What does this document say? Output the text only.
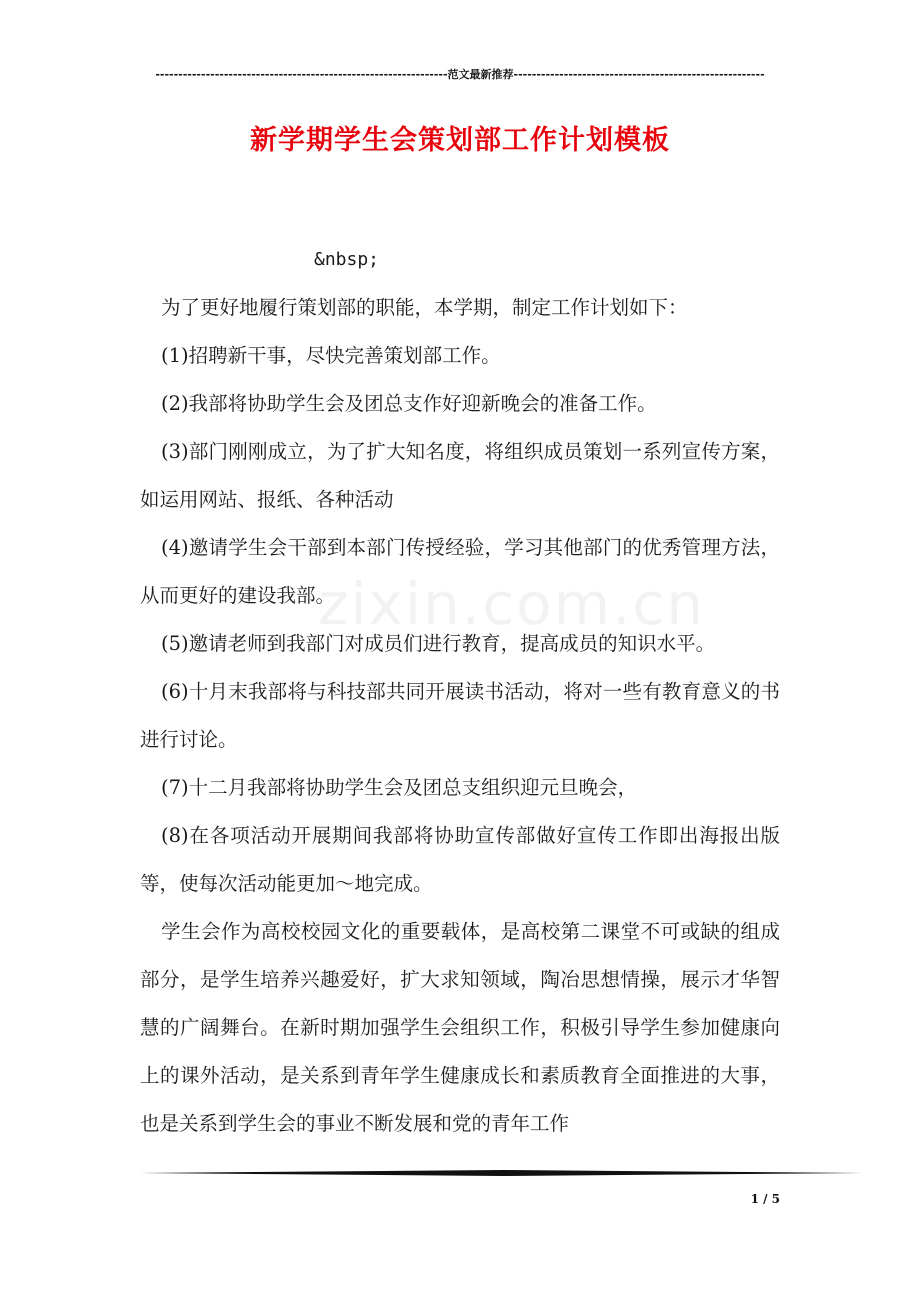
----------------------------------------------------------------范文最新推荐-------------------------------------------------------
新学期学生会策划部工作计划模板
zixin.com.cn

&nbsp;

为了更好地履行策划部的职能，本学期，制定工作计划如下：

(1)招聘新干事，尽快完善策划部工作。

(2)我部将协助学生会及团总支作好迎新晚会的准备工作。

(3)部门刚刚成立，为了扩大知名度，将组织成员策划一系列宣传方案，如运用网站、报纸、各种活动

(4)邀请学生会干部到本部门传授经验，学习其他部门的优秀管理方法，从而更好的建设我部。

(5)邀请老师到我部门对成员们进行教育，提高成员的知识水平。

(6)十月末我部将与科技部共同开展读书活动，将对一些有教育意义的书进行讨论。

(7)十二月我部将协助学生会及团总支组织迎元旦晚会，

(8)在各项活动开展期间我部将协助宣传部做好宣传工作即出海报出版等，使每次活动能更加～地完成。

学生会作为高校校园文化的重要载体，是高校第二课堂不可或缺的组成部分，是学生培养兴趣爱好，扩大求知领域，陶冶思想情操，展示才华智慧的广阔舞台。在新时期加强学生会组织工作，积极引导学生参加健康向上的课外活动，是关系到青年学生健康成长和素质教育全面推进的大事，也是关系到学生会的事业不断发展和党的青年工作

1 / 5
